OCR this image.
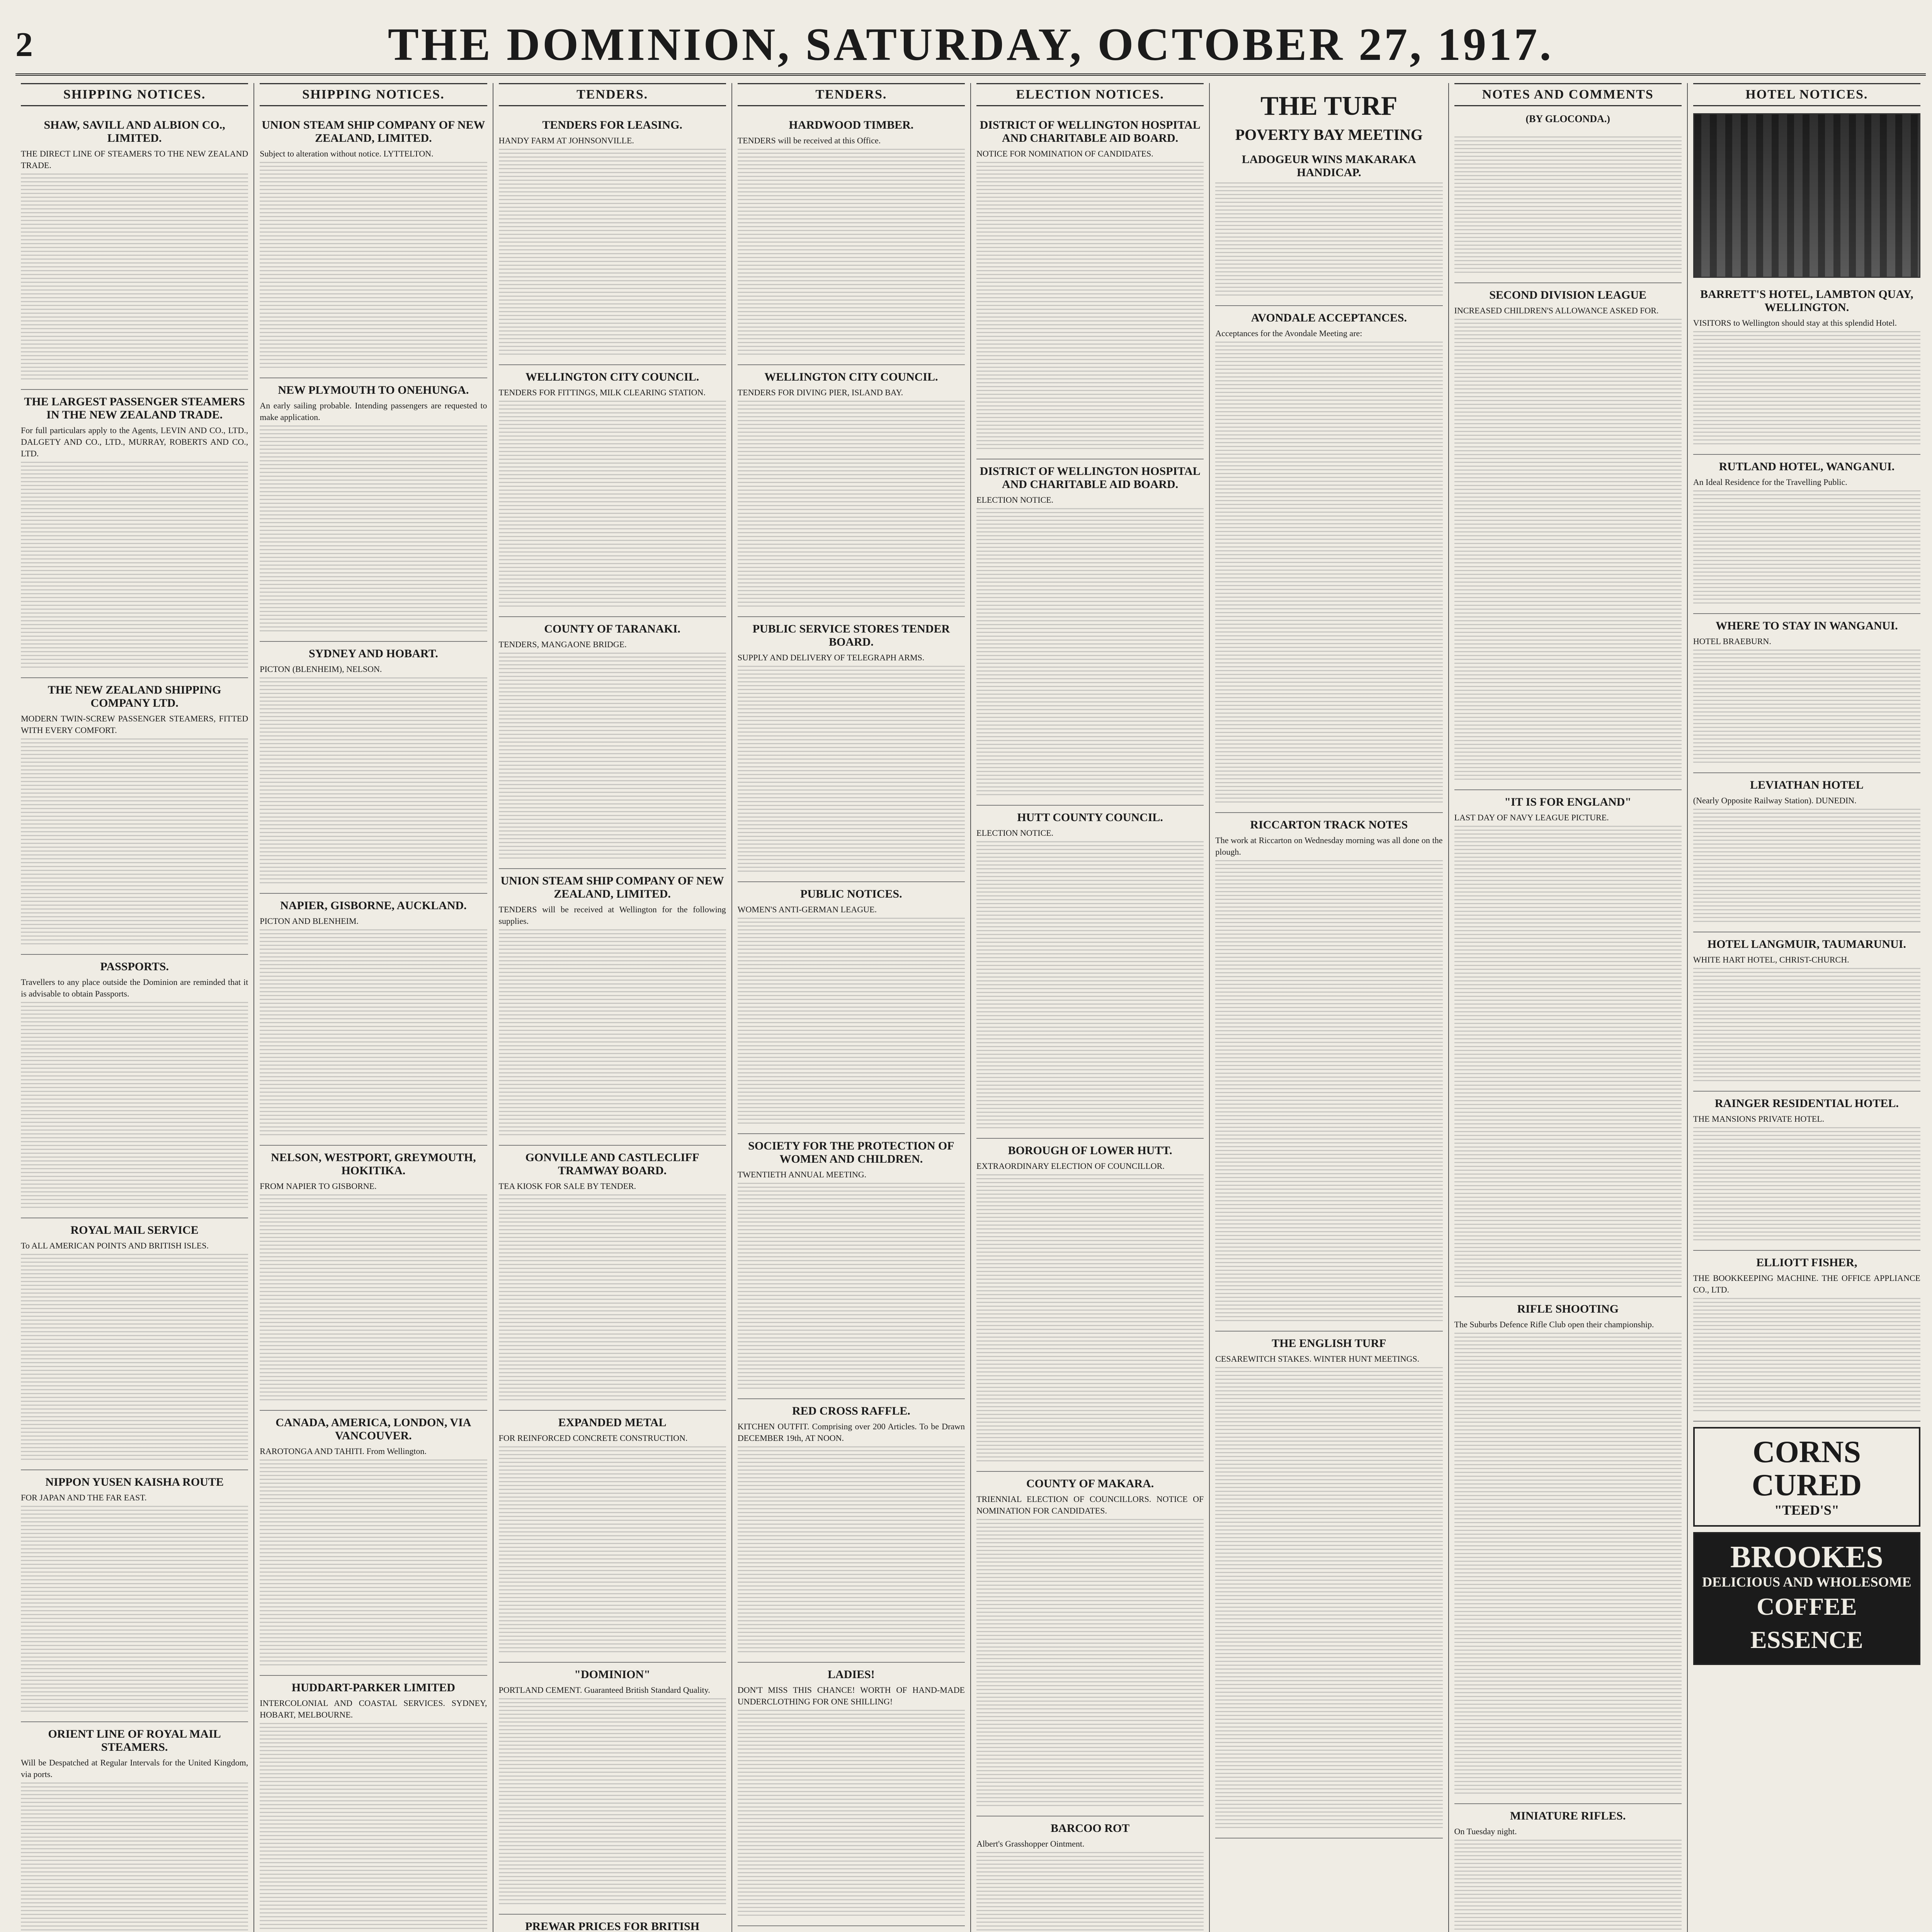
2	THE DOMINION, SATURDAY, OCTOBER 27, 1917.
SHIPPING NOTICES.
SHAW, SAVILL AND ALBION CO., LIMITED.
THE DIRECT LINE OF STEAMERS TO THE NEW ZEALAND TRADE.
THE LARGEST PASSENGER STEAMERS IN THE NEW ZEALAND TRADE.
For full particulars apply to the Agents, LEVIN AND CO., LTD., DALGETY AND CO., LTD., MURRAY, ROBERTS AND CO., LTD.
THE NEW ZEALAND SHIPPING COMPANY LTD.
MODERN TWIN-SCREW PASSENGER STEAMERS, FITTED WITH EVERY COMFORT.
PASSPORTS.
Travellers to any place outside the Dominion are reminded that it is advisable to obtain Passports.
ROYAL MAIL SERVICE
To ALL AMERICAN POINTS AND BRITISH ISLES.
NIPPON YUSEN KAISHA ROUTE
FOR JAPAN AND THE FAR EAST.
ORIENT LINE OF ROYAL MAIL STEAMERS.
Will be Despatched at Regular Intervals for the United Kingdom, via ports.
SHIPPING NOTICES.
UNION STEAM SHIP COMPANY OF NEW ZEALAND, LIMITED.
Subject to alteration without notice. LYTTELTON.
NEW PLYMOUTH TO ONEHUNGA.
An early sailing probable. Intending passengers are requested to make application.
SYDNEY AND HOBART.
PICTON (BLENHEIM), NELSON.
NAPIER, GISBORNE, AUCKLAND.
PICTON AND BLENHEIM.
NELSON, WESTPORT, GREYMOUTH, HOKITIKA.
FROM NAPIER TO GISBORNE.
CANADA, AMERICA, LONDON, VIA VANCOUVER.
RAROTONGA AND TAHITI. From Wellington.
HUDDART-PARKER LIMITED
INTERCOLONIAL AND COASTAL SERVICES. SYDNEY, HOBART, MELBOURNE.
TENDERS.
TENDERS FOR LEASING.
HANDY FARM AT JOHNSONVILLE.
WELLINGTON CITY COUNCIL.
TENDERS FOR FITTINGS, MILK CLEARING STATION.
COUNTY OF TARANAKI.
TENDERS, MANGAONE BRIDGE.
UNION STEAM SHIP COMPANY OF NEW ZEALAND, LIMITED.
TENDERS will be received at Wellington for the following supplies.
GONVILLE AND CASTLECLIFF TRAMWAY BOARD.
TEA KIOSK FOR SALE BY TENDER.
EXPANDED METAL
FOR REINFORCED CONCRETE CONSTRUCTION.
"DOMINION"
PORTLAND CEMENT. Guaranteed British Standard Quality.
PREWAR PRICES FOR BRITISH
TENDERS.
HARDWOOD TIMBER.
TENDERS will be received at this Office.
WELLINGTON CITY COUNCIL.
TENDERS FOR DIVING PIER, ISLAND BAY.
PUBLIC SERVICE STORES TENDER BOARD.
SUPPLY AND DELIVERY OF TELEGRAPH ARMS.
PUBLIC NOTICES.
WOMEN'S ANTI-GERMAN LEAGUE.
SOCIETY FOR THE PROTECTION OF WOMEN AND CHILDREN.
TWENTIETH ANNUAL MEETING.
RED CROSS RAFFLE.
KITCHEN OUTFIT. Comprising over 200 Articles. To be Drawn DECEMBER 19th, AT NOON.
LADIES!
DON'T MISS THIS CHANCE! WORTH OF HAND-MADE UNDERCLOTHING FOR ONE SHILLING!
ELECTION NOTICES.
DISTRICT OF WELLINGTON HOSPITAL AND CHARITABLE AID BOARD.
NOTICE FOR NOMINATION OF CANDIDATES.
DISTRICT OF WELLINGTON HOSPITAL AND CHARITABLE AID BOARD.
ELECTION NOTICE.
HUTT COUNTY COUNCIL.
ELECTION NOTICE.
BOROUGH OF LOWER HUTT.
EXTRAORDINARY ELECTION OF COUNCILLOR.
COUNTY OF MAKARA.
TRIENNIAL ELECTION OF COUNCILLORS. NOTICE OF NOMINATION FOR CANDIDATES.
BARCOO ROT
Albert's Grasshopper Ointment.
THE TURF
POVERTY BAY MEETING
LADOGEUR WINS MAKARAKA HANDICAP.
AVONDALE ACCEPTANCES.
Acceptances for the Avondale Meeting are:
RICCARTON TRACK NOTES
The work at Riccarton on Wednesday morning was all done on the plough.
THE ENGLISH TURF
CESAREWITCH STAKES. WINTER HUNT MEETINGS.
NOTES AND COMMENTS
(BY GLOCONDA.)
SECOND DIVISION LEAGUE
INCREASED CHILDREN'S ALLOWANCE ASKED FOR.
"IT IS FOR ENGLAND"
LAST DAY OF NAVY LEAGUE PICTURE.
RIFLE SHOOTING
The Suburbs Defence Rifle Club open their championship.
MINIATURE RIFLES.
On Tuesday night.
HOTEL NOTICES.
BARRETT'S HOTEL, LAMBTON QUAY, WELLINGTON.
VISITORS to Wellington should stay at this splendid Hotel.
RUTLAND HOTEL, WANGANUI.
An Ideal Residence for the Travelling Public.
WHERE TO STAY IN WANGANUI.
HOTEL BRAEBURN.
LEVIATHAN HOTEL
(Nearly Opposite Railway Station). DUNEDIN.
HOTEL LANGMUIR, TAUMARUNUI.
WHITE HART HOTEL, CHRIST-CHURCH.
RAINGER RESIDENTIAL HOTEL.
THE MANSIONS PRIVATE HOTEL.
ELLIOTT FISHER,
THE BOOKKEEPING MACHINE. THE OFFICE APPLIANCE CO., LTD.
CORNS CURED
"TEED'S"
BROOKES
DELICIOUS AND WHOLESOME
COFFEE ESSENCE
